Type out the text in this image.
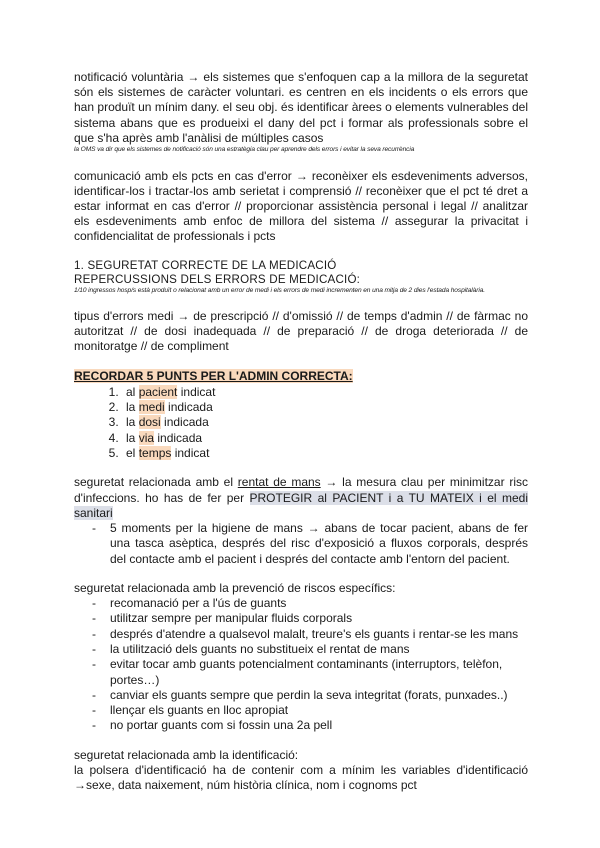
notificació voluntària → els sistemes que s'enfoquen cap a la millora de la seguretat són els sistemes de caràcter voluntari. es centren en els incidents o els errors que han produït un mínim dany. el seu obj. és identificar àrees o elements vulnerables del sistema abans que es produeixi el dany del pct i formar als professionals sobre el que s'ha après amb l'anàlisi de múltiples casos

la OMS va dir que els sistemes de notificació són una estratègia clau per aprendre dels errors i evitar la seva recurrència

comunicació amb els pcts en cas d'error → reconèixer els esdeveniments adversos, identificar-los i tractar-los amb serietat i comprensió // reconèixer que el pct té dret a estar informat en cas d'error // proporcionar assistència personal i legal // analitzar els esdeveniments amb enfoc de millora del sistema // assegurar la privacitat i confidencialitat de professionals i pcts

1. SEGURETAT CORRECTE DE LA MEDICACIÓ

REPERCUSSIONS DELS ERRORS DE MEDICACIÓ:

1/10 ingressos hosp/s està produït o relacionat amb un error de medi i els errors de medi incrementen en una mitja de 2 dies l'estada hospitalària.

tipus d'errors medi → de prescripció // d'omissió // de temps d'admin // de fàrmac no autoritzat // de dosi inadequada // de preparació // de droga deteriorada // de monitoratge // de compliment

RECORDAR 5 PUNTS PER L'ADMIN CORRECTA:

1. al pacient indicat
2. la medi indicada
3. la dosi indicada
4. la via indicada
5. el temps indicat

seguretat relacionada amb el rentat de mans → la mesura clau per minimitzar risc d'infeccions. ho has de fer per PROTEGIR al PACIENT i a TU MATEIX i el medi sanitari

- 5 moments per la higiene de mans → abans de tocar pacient, abans de fer una tasca asèptica, després del risc d'exposició a fluxos corporals, després del contacte amb el pacient i després del contacte amb l'entorn del pacient.

seguretat relacionada amb la prevenció de riscos específics:

- recomanació per a l'ús de guants
- utilitzar sempre per manipular fluids corporals
- després d'atendre a qualsevol malalt, treure's els guants i rentar-se les mans
- la utilització dels guants no substitueix el rentat de mans
- evitar tocar amb guants potencialment contaminants (interruptors, telèfon, portes…)
- canviar els guants sempre que perdin la seva integritat (forats, punxades..)
- llençar els guants en lloc apropiat
- no portar guants com si fossin una 2a pell

seguretat relacionada amb la identificació:

la polsera d'identificació ha de contenir com a mínim les variables d'identificació →sexe, data naixement, núm història clínica, nom i cognoms pct
